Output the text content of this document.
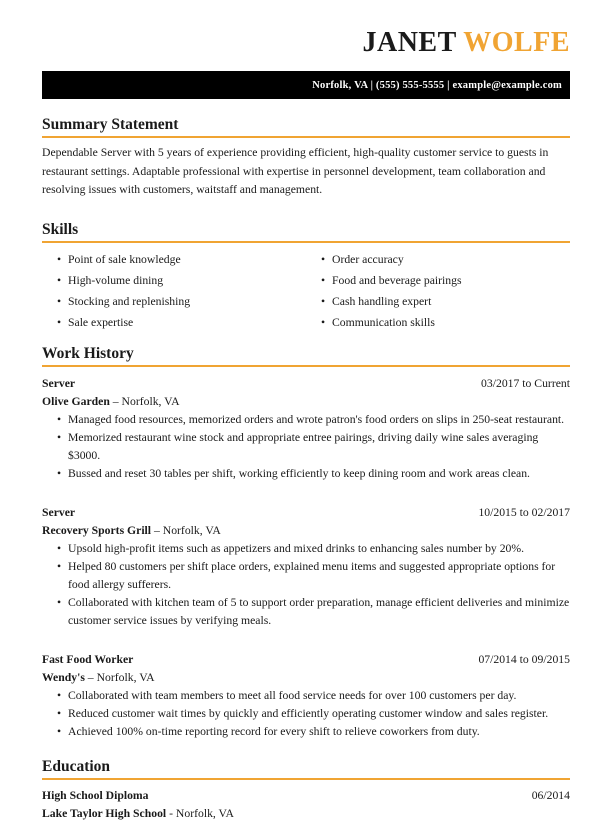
JANET WOLFE
Norfolk, VA | (555) 555-5555 | example@example.com
Summary Statement

Dependable Server with 5 years of experience providing efficient, high-quality customer service to guests in restaurant settings. Adaptable professional with expertise in personnel development, team collaboration and resolving issues with customers, waitstaff and management.

Skills
• Point of sale knowledge
• High-volume dining
• Stocking and replenishing
• Sale expertise
• Order accuracy
• Food and beverage pairings
• Cash handling expert
• Communication skills
Work History
Server	03/2017 to Current
Olive Garden – Norfolk, VA
• Managed food resources, memorized orders and wrote patron's food orders on slips in 250-seat restaurant.
• Memorized restaurant wine stock and appropriate entree pairings, driving daily wine sales averaging $3000.
• Bussed and reset 30 tables per shift, working efficiently to keep dining room and work areas clean.
Server	10/2015 to 02/2017
Recovery Sports Grill – Norfolk, VA
• Upsold high-profit items such as appetizers and mixed drinks to enhancing sales number by 20%.
• Helped 80 customers per shift place orders, explained menu items and suggested appropriate options for food allergy sufferers.
• Collaborated with kitchen team of 5 to support order preparation, manage efficient deliveries and minimize customer service issues by verifying meals.
Fast Food Worker	07/2014 to 09/2015
Wendy's – Norfolk, VA
• Collaborated with team members to meet all food service needs for over 100 customers per day.
• Reduced customer wait times by quickly and efficiently operating customer window and sales register.
• Achieved 100% on-time reporting record for every shift to relieve coworkers from duty.
Education
High School Diploma	06/2014
Lake Taylor High School - Norfolk, VA
